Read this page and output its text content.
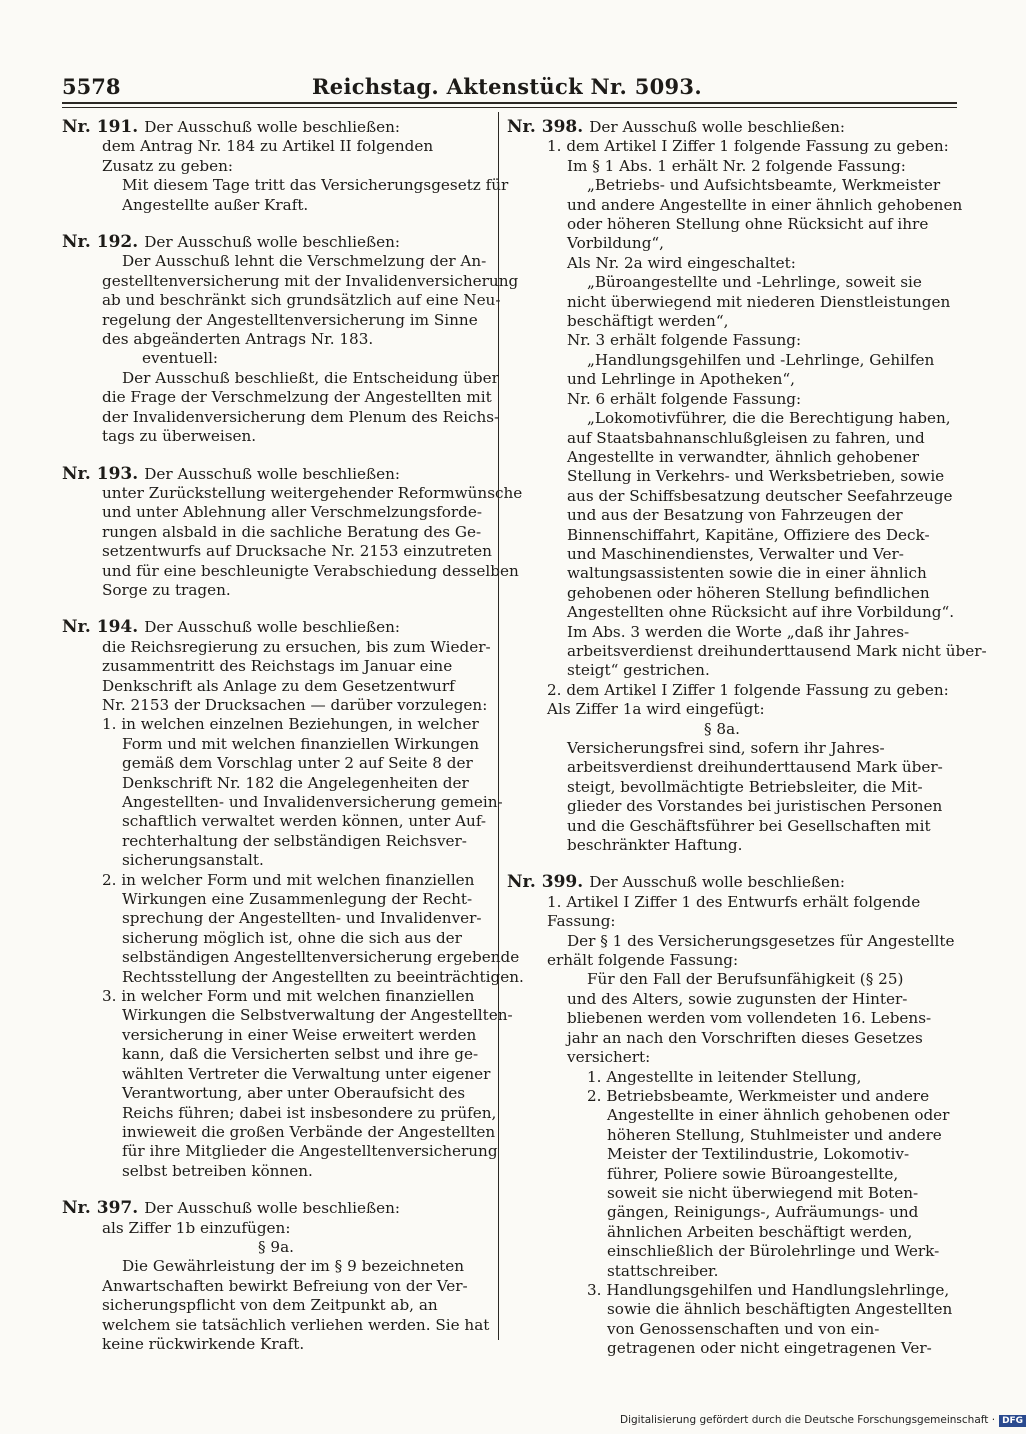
5578	Reichstag. Aktenstück Nr. 5093.
Nr. 191. Der Ausschuß wolle beschließen:
dem Antrag Nr. 184 zu Artikel II folgenden
Zusatz zu geben:
Mit diesem Tage tritt das Versicherungsgesetz für
Angestellte außer Kraft.
Nr. 192. Der Ausschuß wolle beschließen:
Der Ausschuß lehnt die Verschmelzung der An-
gestelltenversicherung mit der Invalidenversicherung
ab und beschränkt sich grundsätzlich auf eine Neu-
regelung der Angestelltenversicherung im Sinne
des abgeänderten Antrags Nr. 183.
eventuell:
Der Ausschuß beschließt, die Entscheidung über
die Frage der Verschmelzung der Angestellten mit
der Invalidenversicherung dem Plenum des Reichs-
tags zu überweisen.
Nr. 193. Der Ausschuß wolle beschließen:
unter Zurückstellung weitergehender Reformwünsche
und unter Ablehnung aller Verschmelzungsforde-
rungen alsbald in die sachliche Beratung des Ge-
setzentwurfs auf Drucksache Nr. 2153 einzutreten
und für eine beschleunigte Verabschiedung desselben
Sorge zu tragen.
Nr. 194. Der Ausschuß wolle beschließen:
die Reichsregierung zu ersuchen, bis zum Wieder-
zusammentritt des Reichstags im Januar eine
Denkschrift als Anlage zu dem Gesetzentwurf
Nr. 2153 der Drucksachen — darüber vorzulegen:
1. in welchen einzelnen Beziehungen, in welcher
Form und mit welchen finanziellen Wirkungen
gemäß dem Vorschlag unter 2 auf Seite 8 der
Denkschrift Nr. 182 die Angelegenheiten der
Angestellten- und Invalidenversicherung gemein-
schaftlich verwaltet werden können, unter Auf-
rechterhaltung der selbständigen Reichsver-
sicherungsanstalt.
2. in welcher Form und mit welchen finanziellen
Wirkungen eine Zusammenlegung der Recht-
sprechung der Angestellten- und Invalidenver-
sicherung möglich ist, ohne die sich aus der
selbständigen Angestelltenversicherung ergebende
Rechtsstellung der Angestellten zu beeinträchtigen.
3. in welcher Form und mit welchen finanziellen
Wirkungen die Selbstverwaltung der Angestellten-
versicherung in einer Weise erweitert werden
kann, daß die Versicherten selbst und ihre ge-
wählten Vertreter die Verwaltung unter eigener
Verantwortung, aber unter Oberaufsicht des
Reichs führen; dabei ist insbesondere zu prüfen,
inwieweit die großen Verbände der Angestellten
für ihre Mitglieder die Angestelltenversicherung
selbst betreiben können.
Nr. 397. Der Ausschuß wolle beschließen:
als Ziffer 1b einzufügen:
§ 9a.
Die Gewährleistung der im § 9 bezeichneten
Anwartschaften bewirkt Befreiung von der Ver-
sicherungspflicht von dem Zeitpunkt ab, an
welchem sie tatsächlich verliehen werden. Sie hat
keine rückwirkende Kraft.
Nr. 398. Der Ausschuß wolle beschließen:
1. dem Artikel I Ziffer 1 folgende Fassung zu geben:
Im § 1 Abs. 1 erhält Nr. 2 folgende Fassung:
„Betriebs- und Aufsichtsbeamte, Werkmeister
und andere Angestellte in einer ähnlich gehobenen
oder höheren Stellung ohne Rücksicht auf ihre
Vorbildung“,
Als Nr. 2a wird eingeschaltet:
„Büroangestellte und -Lehrlinge, soweit sie
nicht überwiegend mit niederen Dienstleistungen
beschäftigt werden“,
Nr. 3 erhält folgende Fassung:
„Handlungsgehilfen und -Lehrlinge, Gehilfen
und Lehrlinge in Apotheken“,
Nr. 6 erhält folgende Fassung:
„Lokomotivführer, die die Berechtigung haben,
auf Staatsbahnanschlußgleisen zu fahren, und
Angestellte in verwandter, ähnlich gehobener
Stellung in Verkehrs- und Werksbetrieben, sowie
aus der Schiffsbesatzung deutscher Seefahrzeuge
und aus der Besatzung von Fahrzeugen der
Binnenschiffahrt, Kapitäne, Offiziere des Deck-
und Maschinendienstes, Verwalter und Ver-
waltungsassistenten sowie die in einer ähnlich
gehobenen oder höheren Stellung befindlichen
Angestellten ohne Rücksicht auf ihre Vorbildung“.
Im Abs. 3 werden die Worte „daß ihr Jahres-
arbeitsverdienst dreihunderttausend Mark nicht über-
steigt“ gestrichen.
2. dem Artikel I Ziffer 1 folgende Fassung zu geben:
Als Ziffer 1a wird eingefügt:
§ 8a.
Versicherungsfrei sind, sofern ihr Jahres-
arbeitsverdienst dreihunderttausend Mark über-
steigt, bevollmächtigte Betriebsleiter, die Mit-
glieder des Vorstandes bei juristischen Personen
und die Geschäftsführer bei Gesellschaften mit
beschränkter Haftung.
Nr. 399. Der Ausschuß wolle beschließen:
1. Artikel I Ziffer 1 des Entwurfs erhält folgende
Fassung:
Der § 1 des Versicherungsgesetzes für Angestellte
erhält folgende Fassung:
Für den Fall der Berufsunfähigkeit (§ 25)
und des Alters, sowie zugunsten der Hinter-
bliebenen werden vom vollendeten 16. Lebens-
jahr an nach den Vorschriften dieses Gesetzes
versichert:
1. Angestellte in leitender Stellung,
2. Betriebsbeamte, Werkmeister und andere
Angestellte in einer ähnlich gehobenen oder
höheren Stellung, Stuhlmeister und andere
Meister der Textilindustrie, Lokomotiv-
führer, Poliere sowie Büroangestellte,
soweit sie nicht überwiegend mit Boten-
gängen, Reinigungs-, Aufräumungs- und
ähnlichen Arbeiten beschäftigt werden,
einschließlich der Bürolehrlinge und Werk-
stattschreiber.
3. Handlungsgehilfen und Handlungslehrlinge,
sowie die ähnlich beschäftigten Angestellten
von Genossenschaften und von ein-
getragenen oder nicht eingetragenen Ver-
Digitalisierung gefördert durch die Deutsche Forschungsgemeinschaft · DFG
